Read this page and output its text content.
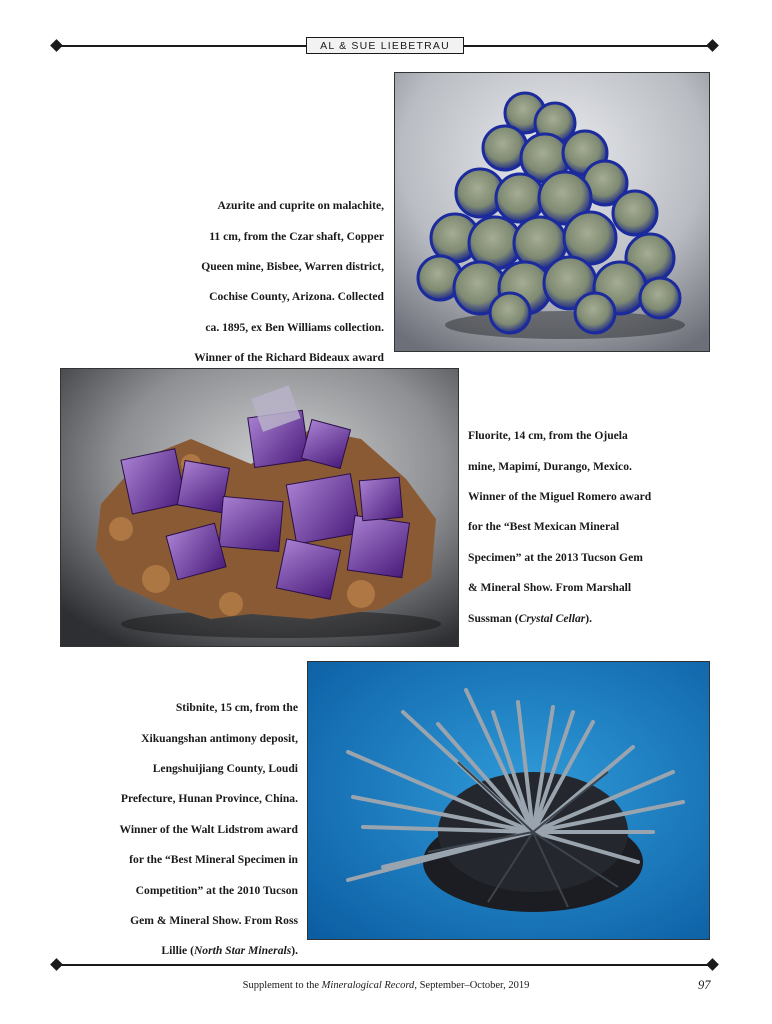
AL & SUE LIEBETRAU

Azurite and cuprite on malachite,

11 cm, from the Czar shaft, Copper

Queen mine, Bisbee, Warren district,

Cochise County, Arizona. Collected

ca. 1895, ex Ben Williams collection.

Winner of the Richard Bideaux award

Fluorite, 14 cm, from the Ojuela

mine, Mapimí, Durango, Mexico.

Winner of the Miguel Romero award

for the “Best Mexican Mineral

Specimen” at the 2013 Tucson Gem

& Mineral Show. From Marshall

Sussman (Crystal Cellar).

Stibnite, 15 cm, from the

Xikuangshan antimony deposit,

Lengshuijiang County, Loudi

Prefecture, Hunan Province, China.

Winner of the Walt Lidstrom award

for the “Best Mineral Specimen in

Competition” at the 2010 Tucson

Gem & Mineral Show. From Ross

Lillie (North Star Minerals).

Supplement to the Mineralogical Record, September–October, 2019	97
